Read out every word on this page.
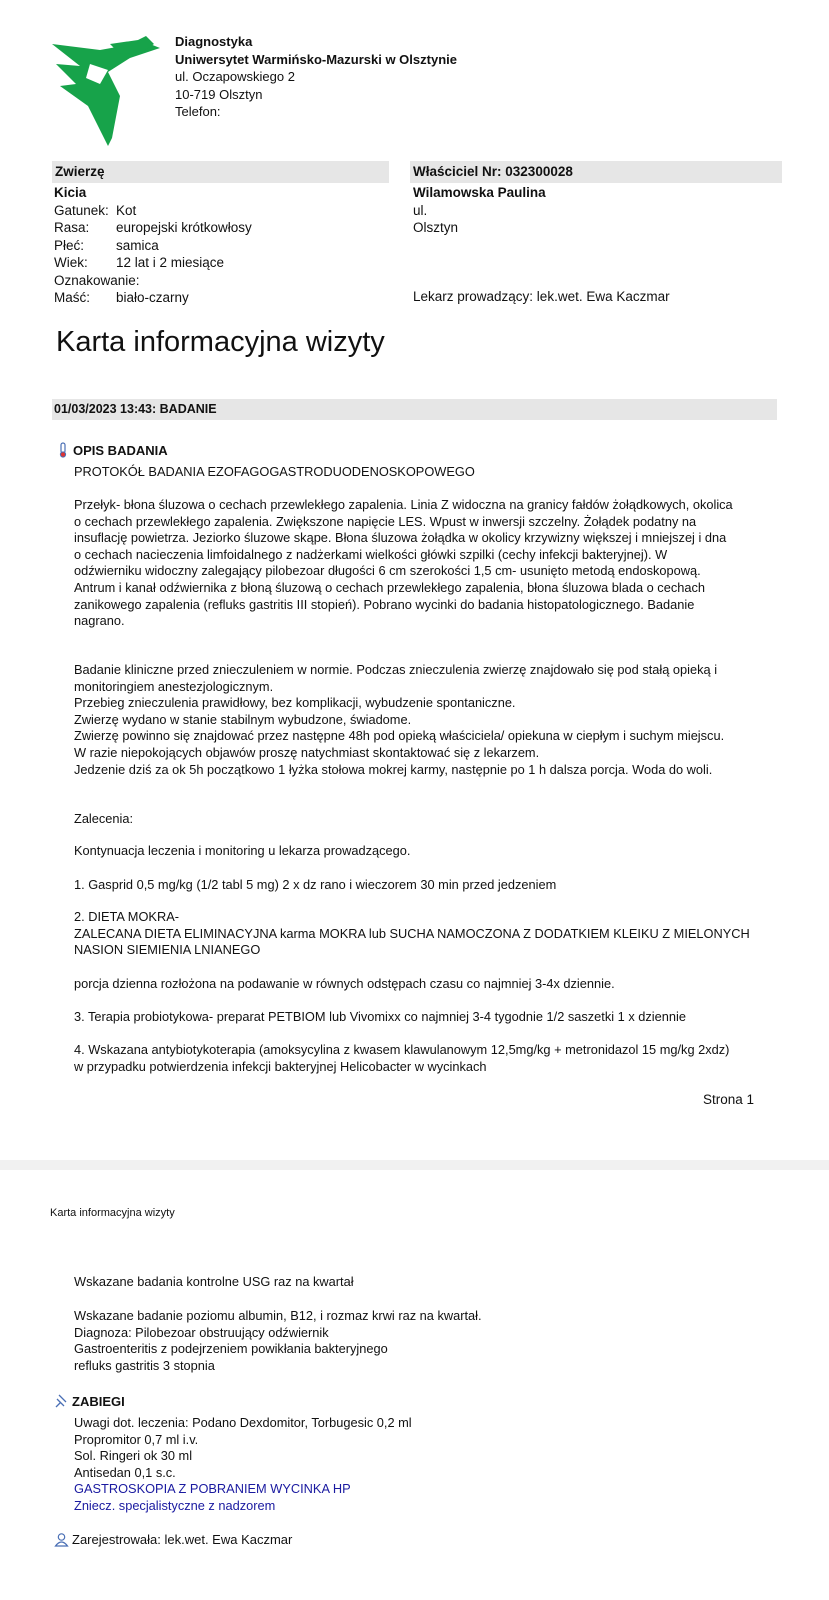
Diagnostyka
Uniwersytet Warmińsko-Mazurski w Olsztynie
ul. Oczapowskiego 2
10-719 Olsztyn
Telefon:
Zwierzę	Właściciel Nr: 032300028
Kicia
Gatunek: Kot
Rasa:	europejski krótkowłosy
Płeć:	samica
Wiek:	12 lat i 2 miesiące
Oznakowanie:
Maść:	biało-czarny
Wilamowska Paulina
ul.
Olsztyn
Lekarz prowadzący: lek.wet. Ewa Kaczmar
Karta informacyjna wizyty
01/03/2023 13:43: BADANIE
OPIS BADANIA
PROTOKÓŁ BADANIA EZOFAGOGASTRODUODENOSKOPOWEGO
Przełyk- błona śluzowa o cechach przewlekłego zapalenia. Linia Z widoczna na granicy fałdów żołądkowych, okolica
o cechach przewlekłego zapalenia. Zwiększone napięcie LES. Wpust w inwersji szczelny. Żołądek podatny na
insuflację powietrza. Jeziorko śluzowe skąpe. Błona śluzowa żołądka w okolicy krzywizny większej i mniejszej i dna
o cechach nacieczenia limfoidalnego z nadżerkami wielkości główki szpilki (cechy infekcji bakteryjnej). W
odźwierniku widoczny zalegający pilobezoar długości 6 cm szerokości 1,5 cm- usunięto metodą endoskopową.
Antrum i kanał odźwiernika z błoną śluzową o cechach przewlekłego zapalenia, błona śluzowa blada o cechach
zanikowego zapalenia (refluks gastritis III stopień). Pobrano wycinki do badania histopatologicznego. Badanie
nagrano.
Badanie kliniczne przed znieczuleniem w normie. Podczas znieczulenia zwierzę znajdowało się pod stałą opieką i
monitoringiem anestezjologicznym.
Przebieg znieczulenia prawidłowy, bez komplikacji, wybudzenie spontaniczne.
Zwierzę wydano w stanie stabilnym wybudzone, świadome.
Zwierzę powinno się znajdować przez następne 48h pod opieką właściciela/ opiekuna w ciepłym i suchym miejscu.
W razie niepokojących objawów proszę natychmiast skontaktować się z lekarzem.
Jedzenie dziś za ok 5h początkowo 1 łyżka stołowa mokrej karmy, następnie po 1 h dalsza porcja. Woda do woli.
Zalecenia:
Kontynuacja leczenia i monitoring u lekarza prowadzącego.
1. Gasprid 0,5 mg/kg (1/2 tabl 5 mg) 2 x dz rano i wieczorem 30 min przed jedzeniem
2. DIETA MOKRA-
ZALECANA DIETA ELIMINACYJNA karma MOKRA lub SUCHA NAMOCZONA Z DODATKIEM KLEIKU Z MIELONYCH
NASION SIEMIENIA LNIANEGO
porcja dzienna rozłożona na podawanie w równych odstępach czasu co najmniej 3-4x dziennie.
3. Terapia probiotykowa- preparat PETBIOM lub Vivomixx co najmniej 3-4 tygodnie 1/2 saszetki 1 x dziennie
4. Wskazana antybiotykoterapia (amoksycylina z kwasem klawulanowym 12,5mg/kg + metronidazol 15 mg/kg 2xdz)
w przypadku potwierdzenia infekcji bakteryjnej Helicobacter w wycinkach
Strona 1
Karta informacyjna wizyty
Wskazane badania kontrolne USG raz na kwartał
Wskazane badanie poziomu albumin, B12, i rozmaz krwi raz na kwartał.
Diagnoza: Pilobezoar obstruujący odźwiernik
Gastroenteritis z podejrzeniem powikłania bakteryjnego
refluks gastritis 3 stopnia
ZABIEGI
Uwagi dot. leczenia: Podano Dexdomitor, Torbugesic 0,2 ml
Propromitor 0,7 ml i.v.
Sol. Ringeri ok 30 ml
Antisedan 0,1 s.c.
GASTROSKOPIA Z POBRANIEM WYCINKA HP
Zniecz. specjalistyczne z nadzorem
Zarejestrowała: lek.wet. Ewa Kaczmar
